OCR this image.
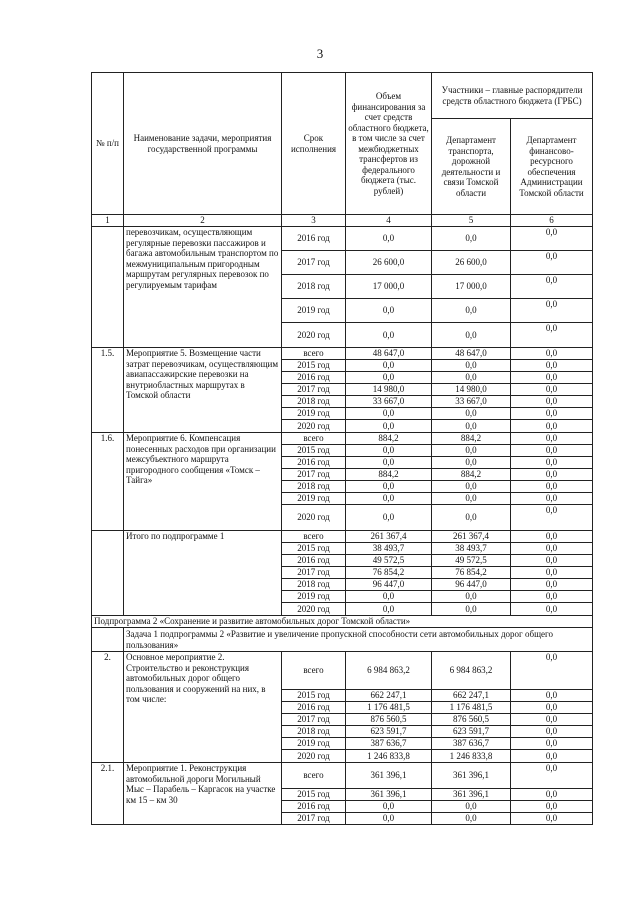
3
№ п/п	Наименование задачи, мероприятия государственной программы	Срок исполнения	Объем финансирования за счет средств областного бюджета, в том числе за счет межбюджетных трансфертов из федерального бюджета (тыс. рублей)	Участники – главные распорядители средств областного бюджета (ГРБС)	
				Департамент транспорта, дорожной деятельности и связи Томской области	Департамент финансово-ресурсного обеспечения Администрации Томской области
1	2	3	4	5	6
	перевозчикам, осуществляющим регулярные перевозки пассажиров и багажа автомобильным транспортом по межмуниципальным пригородным маршрутам регулярных перевозок по регулируемым тарифам	2016 год	0,0	0,0	0,0
		2017 год	26 600,0	26 600,0	0,0
		2018 год	17 000,0	17 000,0	0,0
		2019 год	0,0	0,0	0,0
		2020 год	0,0	0,0	0,0
1.5.	Мероприятие 5. Возмещение части затрат перевозчикам, осуществляющим авиапассажирские перевозки на внутриобластных маршрутах в Томской области	всего	48 647,0	48 647,0	0,0
		2015 год	0,0	0,0	0,0
		2016 год	0,0	0,0	0,0
		2017 год	14 980,0	14 980,0	0,0
		2018 год	33 667,0	33 667,0	0,0
		2019 год	0,0	0,0	0,0
		2020 год	0,0	0,0	0,0
1.6.	Мероприятие 6. Компенсация понесенных расходов при организации межсубъектного маршрута пригородного сообщения «Томск – Тайга»	всего	884,2	884,2	0,0
		2015 год	0,0	0,0	0,0
		2016 год	0,0	0,0	0,0
		2017 год	884,2	884,2	0,0
		2018 год	0,0	0,0	0,0
		2019 год	0,0	0,0	0,0
		2020 год	0,0	0,0	0,0
	Итого по подпрограмме 1	всего	261 367,4	261 367,4	0,0
		2015 год	38 493,7	38 493,7	0,0
		2016 год	49 572,5	49 572,5	0,0
		2017 год	76 854,2	76 854,2	0,0
		2018 год	96 447,0	96 447,0	0,0
		2019 год	0,0	0,0	0,0
		2020 год	0,0	0,0	0,0
Подпрограмма 2 «Сохранение и развитие автомобильных дорог Томской области»					
	Задача 1 подпрограммы 2 «Развитие и увеличение пропускной способности сети автомобильных дорог общего пользования»				
2.	Основное мероприятие 2. Строительство и реконструкция автомобильных дорог общего пользования и сооружений на них, в том числе:	всего	6 984 863,2	6 984 863,2	0,0
		2015 год	662 247,1	662 247,1	0,0
		2016 год	1 176 481,5	1 176 481,5	0,0
		2017 год	876 560,5	876 560,5	0,0
		2018 год	623 591,7	623 591,7	0,0
		2019 год	387 636,7	387 636,7	0,0
		2020 год	1 246 833,8	1 246 833,8	0,0
2.1.	Мероприятие 1. Реконструкция автомобильной дороги Могильный Мыс – Парабель – Каргасок на участке км 15 – км 30	всего	361 396,1	361 396,1	0,0
		2015 год	361 396,1	361 396,1	0,0
		2016 год	0,0	0,0	0,0
		2017 год	0,0	0,0	0,0
